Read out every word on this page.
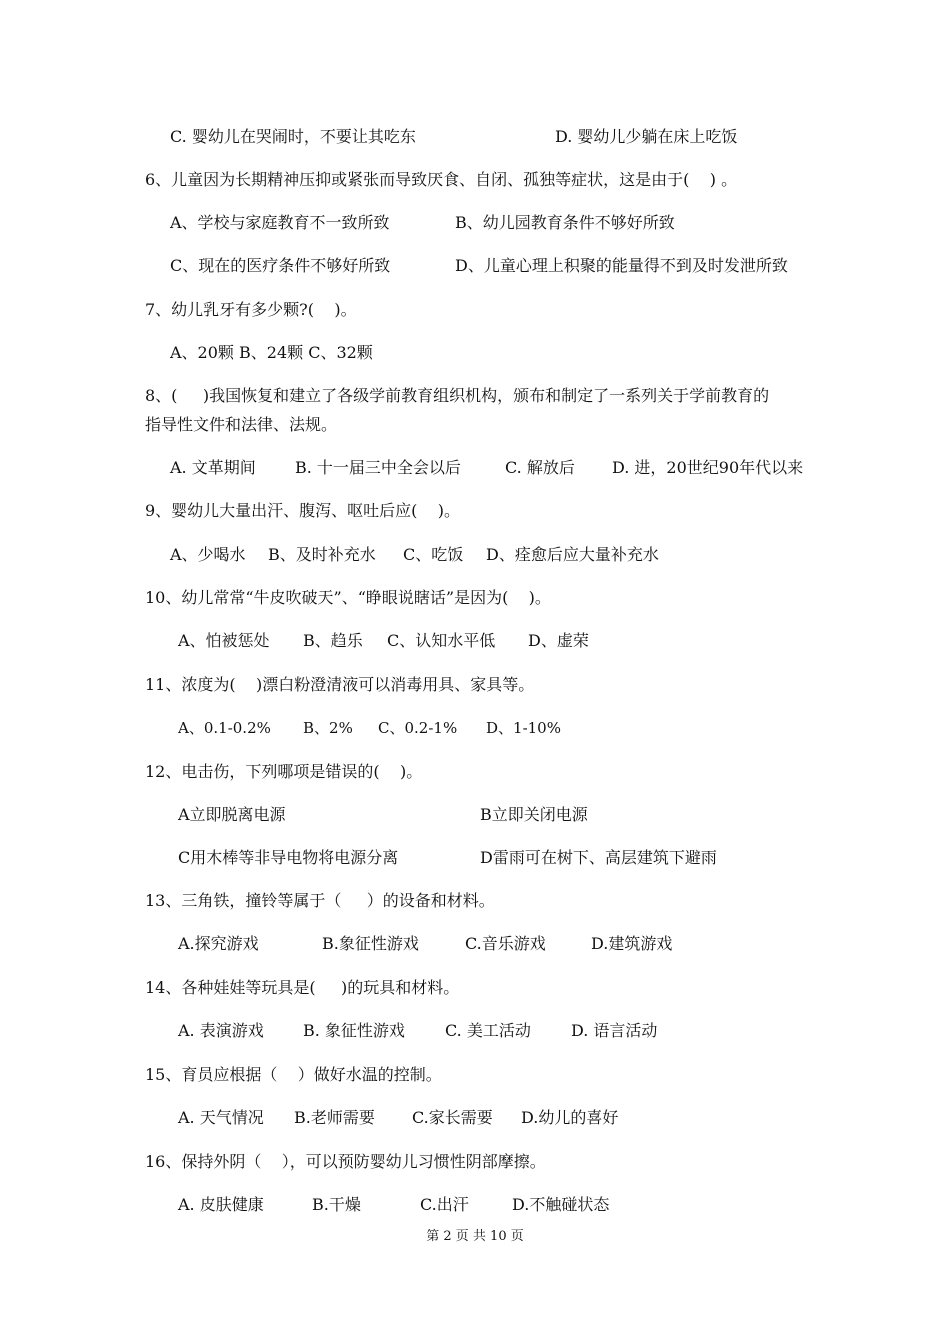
C. 婴幼儿在哭闹时，不要让其吃东	D. 婴幼儿少躺在床上吃饭
6、儿童因为长期精神压抑或紧张而导致厌食、自闭、孤独等症状，这是由于(    ) 。
A、学校与家庭教育不一致所致	B、幼儿园教育条件不够好所致
C、现在的医疗条件不够好所致	D、儿童心理上积聚的能量得不到及时发泄所致
7、幼儿乳牙有多少颗?(    )。
A、20颗 B、24颗 C、32颗
8、(     )我国恢复和建立了各级学前教育组织机构，颁布和制定了一系列关于学前教育的
指导性文件和法律、法规。
A. 文革期间 B. 十一届三中全会以后	C. 解放后 D. 进，20世纪90年代以来
9、婴幼儿大量出汗、腹泻、呕吐后应(    )。
A、少喝水 B、及时补充水 C、吃饭 D、痊愈后应大量补充水
10、幼儿常常“牛皮吹破天”、“睁眼说瞎话”是因为(    )。
A、怕被惩处 B、趋乐 C、认知水平低 D、虚荣
11、浓度为(    )漂白粉澄清液可以消毒用具、家具等。
A、0.1-0.2% B、2% C、0.2-1% D、1-10%
12、电击伤，下列哪项是错误的(    )。
A立即脱离电源	B立即关闭电源
C用木棒等非导电物将电源分离	D雷雨可在树下、高层建筑下避雨
13、三角铁，撞铃等属于（     ）的设备和材料。
A.探究游戏	B.象征性游戏	C.音乐游戏	D.建筑游戏
14、各种娃娃等玩具是(     )的玩具和材料。
A. 表演游戏 B. 象征性游戏	C. 美工活动	D. 语言活动
15、育员应根据（    ）做好水温的控制。
A. 天气情况 B.老师需要 C.家长需要 D.幼儿的喜好
16、保持外阴（    ），可以预防婴幼儿习惯性阴部摩擦。
A. 皮肤健康	B.干燥	C.出汗	D.不触碰状态
第 2 页 共 10 页
